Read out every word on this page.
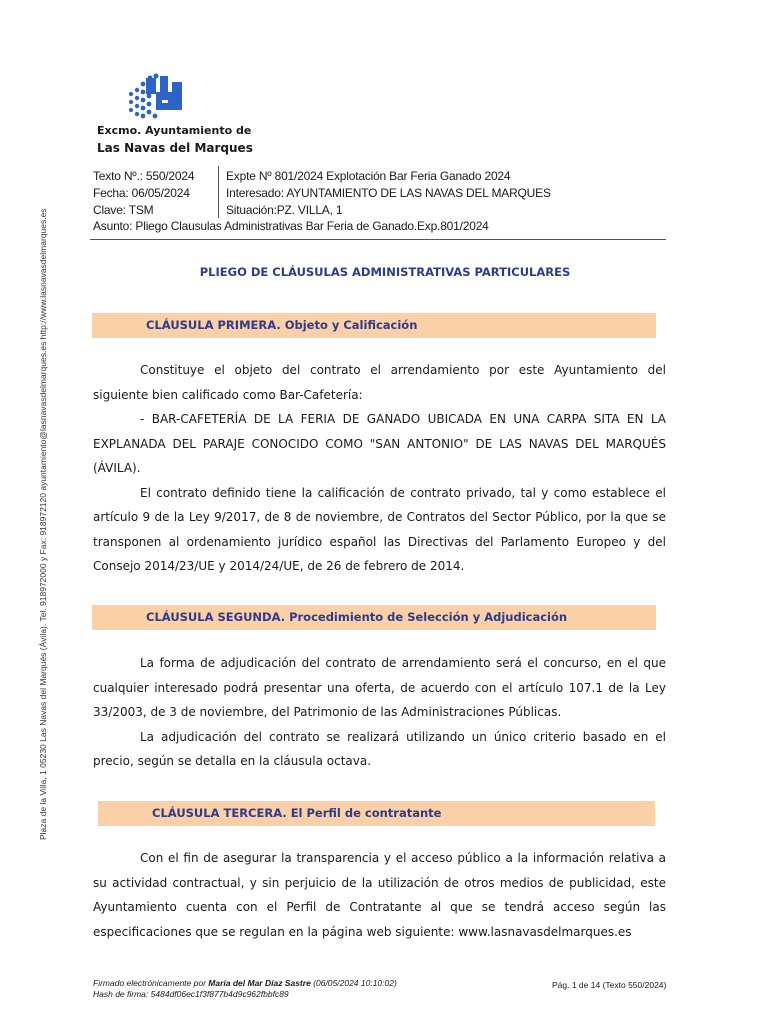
Excmo. Ayuntamiento de
Las Navas del Marques
Texto Nº.: 550/2024
Fecha: 06/05/2024
Clave: TSM
Expte Nº 801/2024 Explotación Bar Feria Ganado 2024
Interesado: AYUNTAMIENTO DE LAS NAVAS DEL MARQUES
Situación:PZ. VILLA, 1
Asunto: Pliego Clausulas Administrativas Bar Feria de Ganado.Exp.801/2024
Plaza de la Villa, 1 05230 Las Navas del Marqués (Ávila). Tel. 918972000 y Fax: 918972120 ayuntamiento@lasnavasdelmarques.es http://www.lasnavasdelmarques.es	PLIEGO DE CLÁUSULAS ADMINISTRATIVAS PARTICULARES
CLÁUSULA PRIMERA. Objeto y Calificación

Constituye el objeto del contrato el arrendamiento por este Ayuntamiento del siguiente bien calificado como Bar-Cafetería:

- BAR-CAFETERÍA DE LA FERIA DE GANADO UBICADA EN UNA CARPA SITA EN LA EXPLANADA DEL PARAJE CONOCIDO COMO "SAN ANTONIO" DE LAS NAVAS DEL MARQUÉS (ÁVILA).

El contrato definido tiene la calificación de contrato privado, tal y como establece el artículo 9 de la Ley 9/2017, de 8 de noviembre, de Contratos del Sector Público, por la que se transponen al ordenamiento jurídico español las Directivas del Parlamento Europeo y del Consejo 2014/23/UE y 2014/24/UE, de 26 de febrero de 2014.

CLÁUSULA SEGUNDA. Procedimiento de Selección y Adjudicación

La forma de adjudicación del contrato de arrendamiento será el concurso, en el que cualquier interesado podrá presentar una oferta, de acuerdo con el artículo 107.1 de la Ley 33/2003, de 3 de noviembre, del Patrimonio de las Administraciones Públicas.

La adjudicación del contrato se realizará utilizando un único criterio basado en el precio, según se detalla en la cláusula octava.

CLÁUSULA TERCERA. El Perfil de contratante

Con el fin de asegurar la transparencia y el acceso público a la información relativa a su actividad contractual, y sin perjuicio de la utilización de otros medios de publicidad, este Ayuntamiento cuenta con el Perfil de Contratante al que se tendrá acceso según las especificaciones que se regulan en la página web siguiente: www.lasnavasdelmarques.es

Firmado electrónicamente por María del Mar Díaz Sastre (06/05/2024 10:10:02)
Hash de firma: 5484df06ec1f3f877b4d9c962fbbfc89
Pág. 1 de 14 (Texto 550/2024)
